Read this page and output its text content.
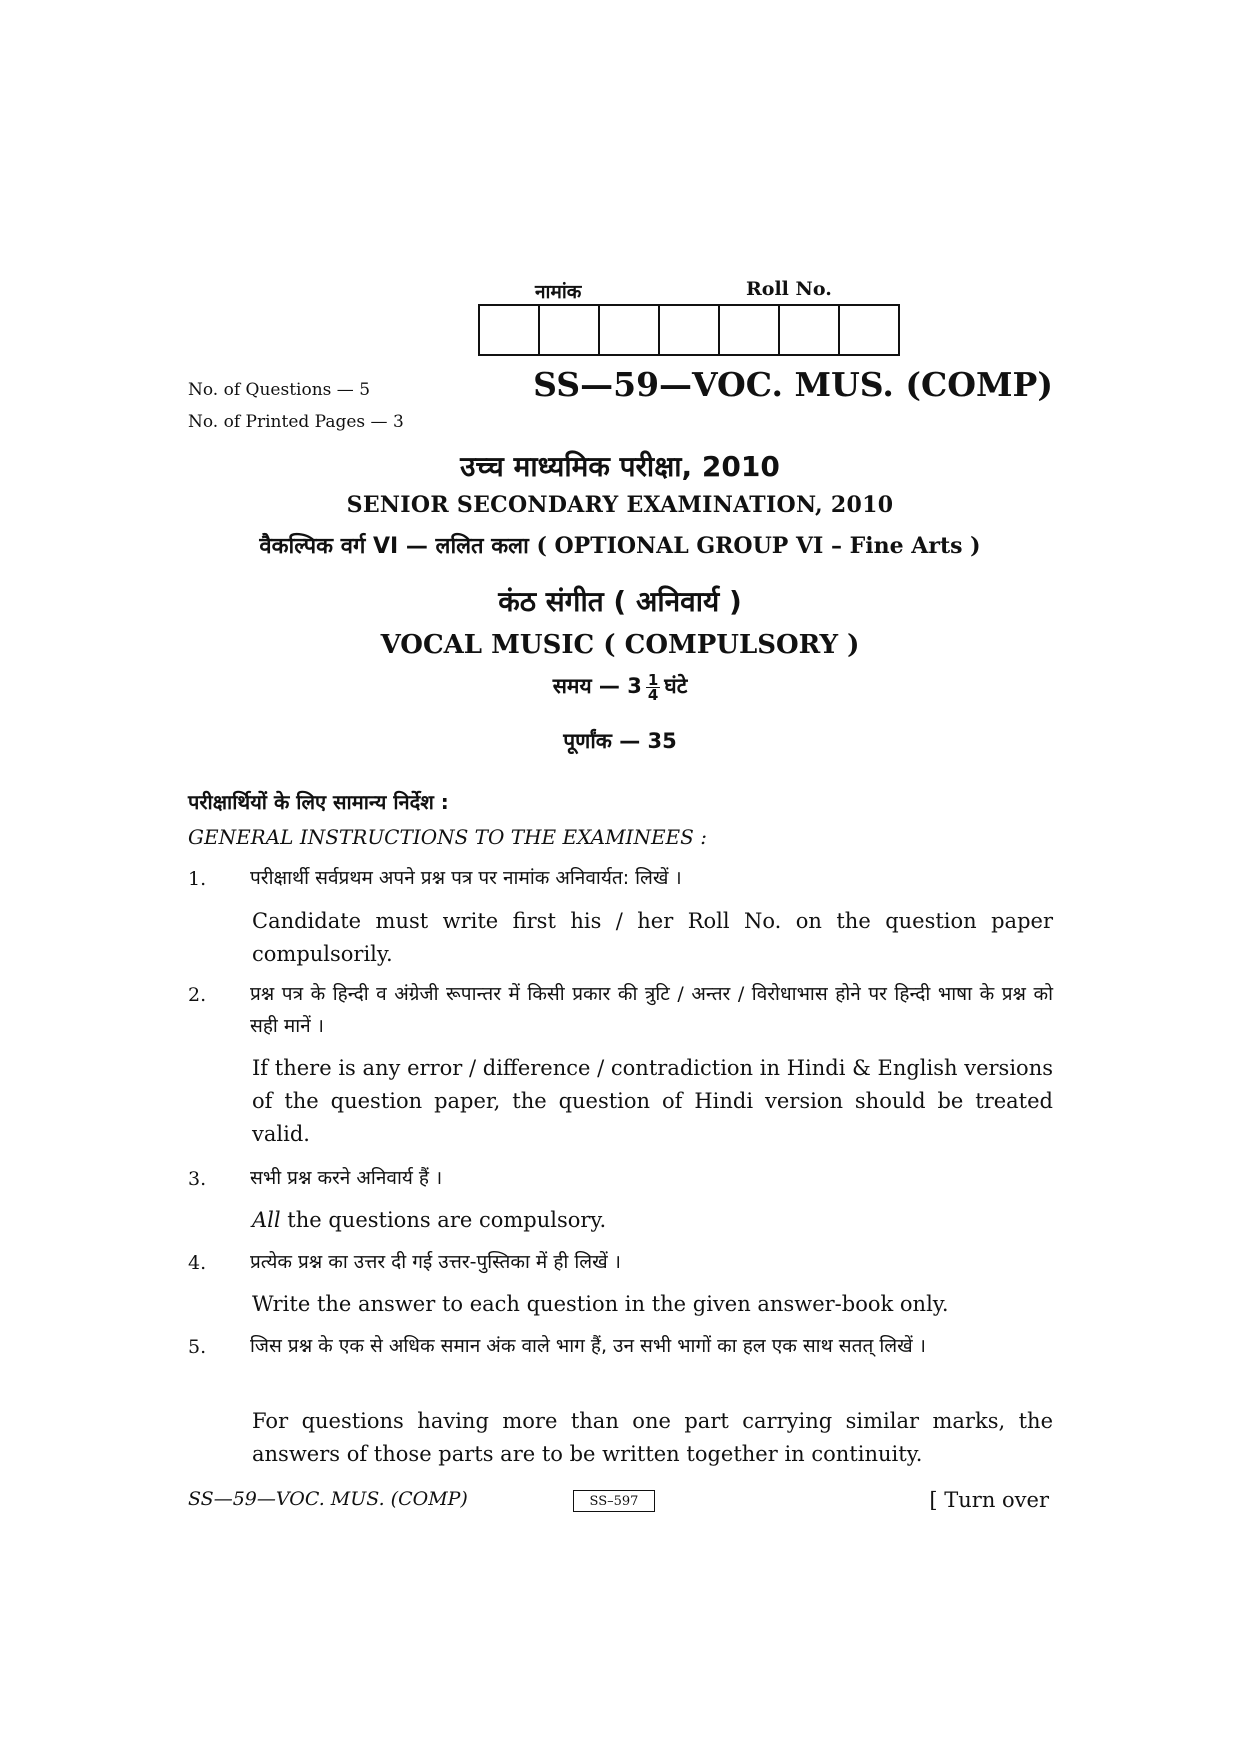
नामांक	Roll No.
No. of Questions — 5
No. of Printed Pages — 3
SS—59—VOC. MUS. (COMP)
उच्च माध्यमिक परीक्षा, 2010
SENIOR SECONDARY EXAMINATION, 2010
वैकल्पिक वर्ग VI — ललित कला ( OPTIONAL GROUP VI – Fine Arts )
कंठ संगीत ( अनिवार्य )
VOCAL MUSIC ( COMPULSORY )
समय — $3 \frac{1}{4}$ घंटे
पूर्णांक — 35
परीक्षार्थियों के लिए सामान्य निर्देश :
GENERAL INSTRUCTIONS TO THE EXAMINEES :
1. परीक्षार्थी सर्वप्रथम अपने प्रश्न पत्र पर नामांक अनिवार्यत: लिखें ।
Candidate must write first his / her Roll No. on the question paper compulsorily.
2. प्रश्न पत्र के हिन्दी व अंग्रेजी रूपान्तर में किसी प्रकार की त्रुटि / अन्तर / विरोधाभास होने पर हिन्दी भाषा के प्रश्न को सही मानें ।
If there is any error / difference / contradiction in Hindi & English versions of the question paper, the question of Hindi version should be treated valid.
3. सभी प्रश्न करने अनिवार्य हैं ।
All the questions are compulsory.
4. प्रत्येक प्रश्न का उत्तर दी गई उत्तर-पुस्तिका में ही लिखें ।
Write the answer to each question in the given answer-book only.
5. जिस प्रश्न के एक से अधिक समान अंक वाले भाग हैं, उन सभी भागों का हल एक साथ सतत् लिखें ।
For questions having more than one part carrying similar marks, the answers of those parts are to be written together in continuity.
SS—59—VOC. MUS. (COMP)	SS–597	[ Turn over
